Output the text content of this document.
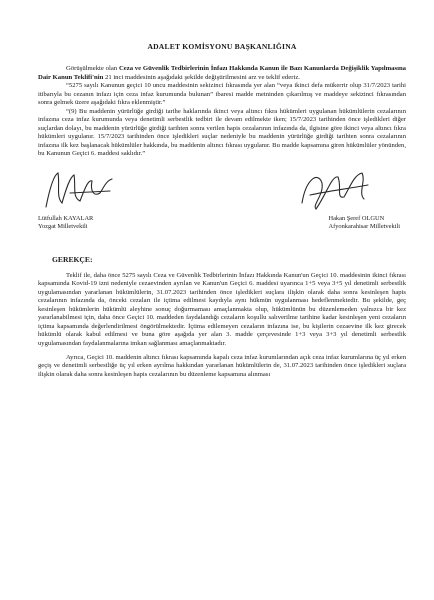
ADALET KOMİSYONU BAŞKANLIĞINA
Görüşülmekte olan Ceza ve Güvenlik Tedbirlerinin İnfazı Hakkında Kanun ile Bazı Kanunlarda Değişiklik Yapılmasına Dair Kanun Teklifi'nin 21 inci maddesinin aşağıdaki şekilde değiştirilmesini arz ve teklif ederiz.

“5275 sayılı Kanunun geçici 10 uncu maddesinin sekizinci fıkrasında yer alan “veya ikinci defa mükerrir olup 31/7/2023 tarihi itibarıyla bu cezanın infazı için ceza infaz kurumunda bulunan” ibaresi madde metninden çıkarılmış ve maddeye sekizinci fıkrasından sonra gelmek üzere aşağıdaki fıkra eklenmiştir.”

“(9) Bu maddenin yürürlüğe girdiği tarihe haklarında ikinci veya altıncı fıkra hükümleri uygulanan hükümlülerin cezalarının infazına ceza infaz kurumunda veya denetimli serbestlik tedbiri ile devam edilmekte iken; 15/7/2023 tarihinden önce işledikleri diğer suçlardan dolayı, bu maddenin yürürlüğe girdiği tarihten sonra verilen hapis cezalarının infazında da, ilgisine göre ikinci veya altıncı fıkra hükümleri uygulanır. 15/7/2023 tarihinden önce işledikleri suçlar nedeniyle bu maddenin yürürlüğe girdiği tarihten sonra cezalarının infazına ilk kez başlanacak hükümlüler hakkında, bu maddenin altıncı fıkrası uygulanır. Bu madde kapsamına giren hükümlüler yönünden, bu Kanunun Geçici 6. maddesi saklıdır.”

Lütfullah KAYALAR
Yozgat Milletvekili
Hakan Şeref OLGUN
Afyonkarahisar Milletvekili
GEREKÇE:

Teklif ile, daha önce 5275 sayılı Ceza ve Güvenlik Tedbirlerinin İnfazı Hakkında Kanun'un Geçici 10. maddesinin ikinci fıkrası kapsamında Kovid-19 izni nedeniyle cezaevinden ayrılan ve Kanun'un Geçici 6. maddesi uyarınca 1+5 veya 3+5 yıl denetimli serbestlik uygulamasından yararlanan hükümlülerin, 31.07.2023 tarihinden önce işledikleri suçlara ilişkin olarak daha sonra kesinleşen hapis cezalarının infazında da, önceki cezaları ile içtima edilmesi kaydıyla aynı hükmün uygulanması hedeflenmektedir. Bu şekilde, geç kesinleşen hükümlerin hükümlü aleyhine sonuç doğurmaması amaçlanmakta olup, hükümlünün bu düzenlemeden yalnızca bir kez yararlanabilmesi için, daha önce Geçici 10. maddeden faydalandığı cezaların koşullu salıverilme tarihine kadar kesinleşen yeni cezaların içtima kapsamında değerlendirilmesi öngörülmektedir. İçtima edilemeyen cezaların infazına ise, bu kişilerin cezaevine ilk kez girecek hükümlü olarak kabul edilmesi ve buna göre aşağıda yer alan 3. madde çerçevesinde 1+3 veya 3+3 yıl denetimli serbestlik uygulamasından faydalanmalarına imkan sağlanması amaçlanmaktadır.

Ayrıca, Geçici 10. maddenin altıncı fıkrası kapsamında kapalı ceza infaz kurumlarından açık ceza infaz kurumlarına üç yıl erken geçiş ve denetimli serbestliğe üç yıl erken ayrılma hakkından yararlanan hükümlülerin de, 31.07.2023 tarihinden önce işledikleri suçlara ilişkin olarak daha sonra kesinleşen hapis cezalarının bu düzenleme kapsamına alınması
